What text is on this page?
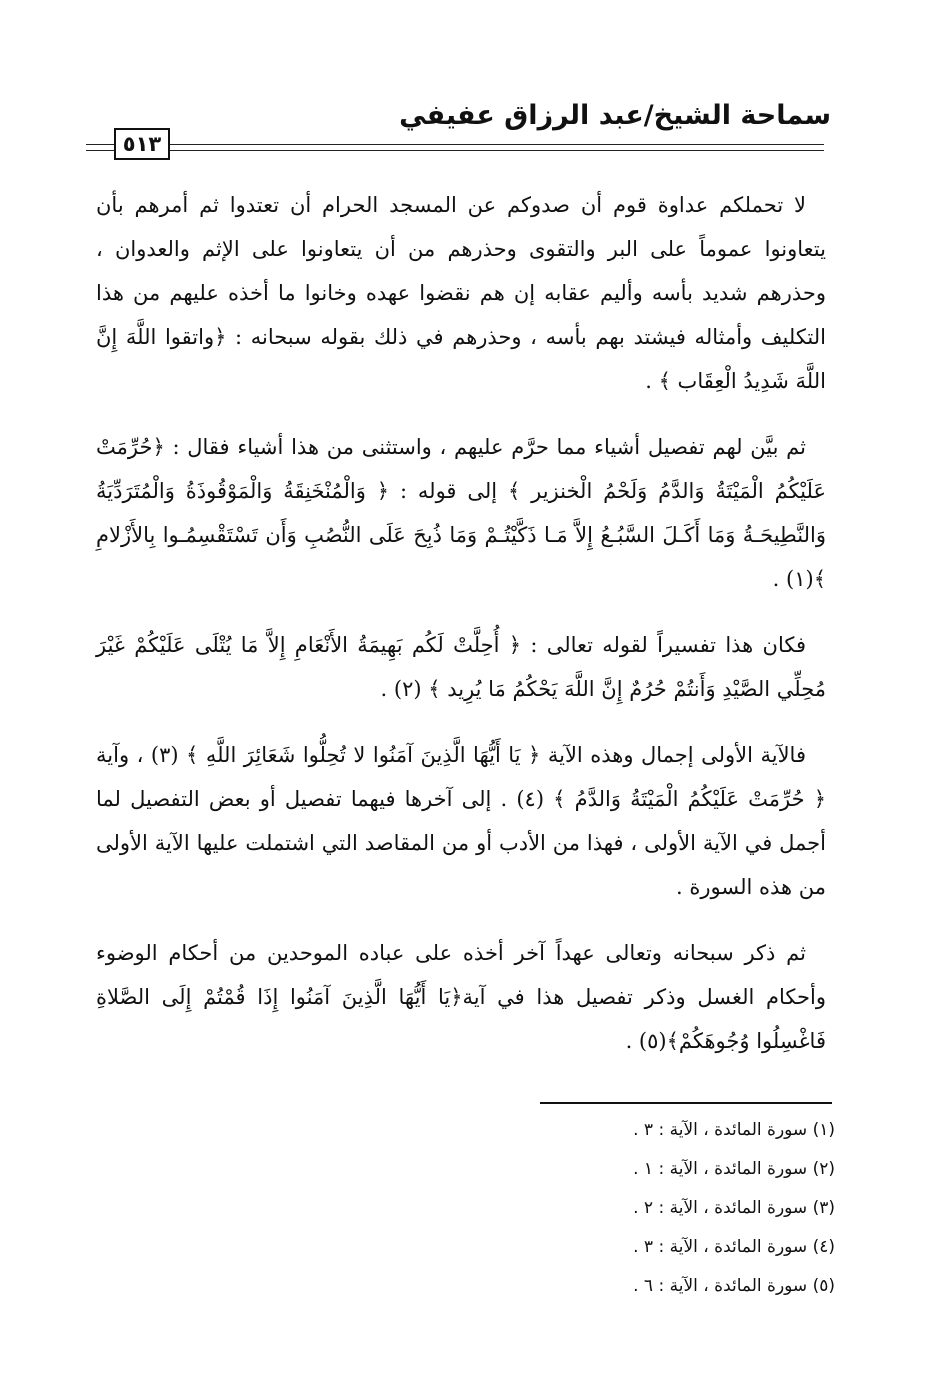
سماحة الشيخ/عبد الرزاق عفيفي
٥١٣

لا تحملكم عداوة قوم أن صدوكم عن المسجد الحرام أن تعتدوا ثم أمرهم بأن يتعاونوا عموماً على البر والتقوى وحذرهم من أن يتعاونوا على الإثم والعدوان ، وحذرهم شديد بأسه وأليم عقابه إن هم نقضوا عهده وخانوا ما أخذه عليهم من هذا التكليف وأمثاله فيشتد بهم بأسه ، وحذرهم في ذلك بقوله سبحانه : ﴿واتقوا اللَّهَ إِنَّ اللَّهَ شَدِيدُ الْعِقَاب ﴾ .

ثم بيَّن لهم تفصيل أشياء مما حرَّم عليهم ، واستثنى من هذا أشياء فقال : ﴿حُرِّمَتْ عَلَيْكُمُ الْمَيْتَةُ وَالدَّمُ وَلَحْمُ الْخنزير ﴾ إلى قوله : ﴿ وَالْمُنْخَنِقَةُ وَالْمَوْقُوذَةُ وَالْمُتَرَدِّيَةُ وَالنَّطِيحَـةُ وَمَا أَكَـلَ السَّبُـعُ إِلاَّ مَـا ذَكَّيْتُـمْ وَمَا ذُبِحَ عَلَى النُّصُبِ وَأَن تَسْتَقْسِمُـوا بِالأَزْلامِ ﴾(١) .

فكان هذا تفسيراً لقوله تعالى : ﴿ أُحِلَّتْ لَكُم بَهِيمَةُ الأَنْعَامِ إِلاَّ مَا يُتْلَى عَلَيْكُمْ غَيْرَ مُحِلِّي الصَّيْدِ وَأَنتُمْ حُرُمٌ إِنَّ اللَّهَ يَحْكُمُ مَا يُرِيد ﴾ (٢) .

فالآية الأولى إجمال وهذه الآية ﴿ يَا أَيُّهَا الَّذِينَ آمَنُوا لا تُحِلُّوا شَعَائِرَ اللَّهِ ﴾ (٣) ، وآية ﴿ حُرِّمَتْ عَلَيْكُمُ الْمَيْتَةُ وَالدَّمُ ﴾ (٤) . إلى آخرها فيهما تفصيل أو بعض التفصيل لما أجمل في الآية الأولى ، فهذا من الأدب أو من المقاصد التي اشتملت عليها الآية الأولى من هذه السورة .

ثم ذكر سبحانه وتعالى عهداً آخر أخذه على عباده الموحدين من أحكام الوضوء وأحكام الغسل وذكر تفصيل هذا في آية﴿يَا أَيُّهَا الَّذِينَ آمَنُوا إِذَا قُمْتُمْ إِلَى الصَّلاةِ فَاغْسِلُوا وُجُوهَكُمْ﴾(٥) .

(١) سورة المائدة ، الآية : ٣ .
(٢) سورة المائدة ، الآية : ١ .
(٣) سورة المائدة ، الآية : ٢ .
(٤) سورة المائدة ، الآية : ٣ .
(٥) سورة المائدة ، الآية : ٦ .
